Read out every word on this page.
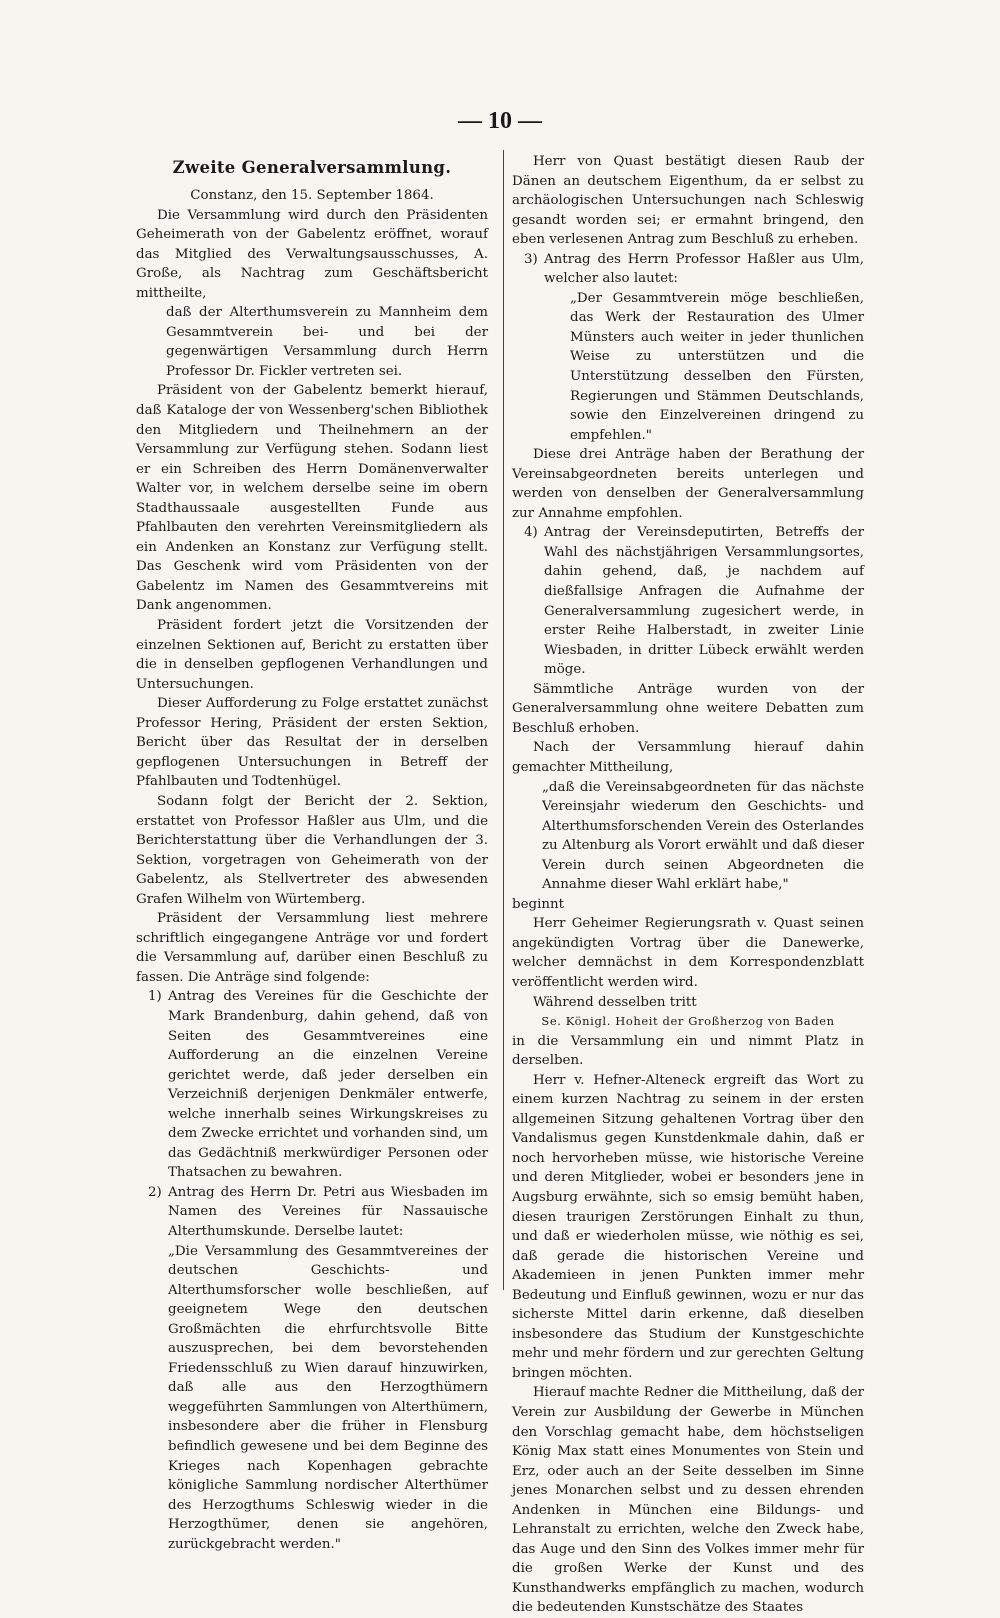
— 10 —
Zweite Generalversammlung.

Constanz, den 15. September 1864.

Die Versammlung wird durch den Präsidenten Geheimerath von der Gabelentz eröffnet, worauf das Mitglied des Verwaltungsausschusses, A. Große, als Nachtrag zum Geschäftsbericht mittheilte,

daß der Alterthumsverein zu Mannheim dem Gesammtverein bei- und bei der gegenwärtigen Versammlung durch Herrn Professor Dr. Fickler vertreten sei.

Präsident von der Gabelentz bemerkt hierauf, daß Kataloge der von Wessenberg'schen Bibliothek den Mitgliedern und Theilnehmern an der Versammlung zur Verfügung stehen. Sodann liest er ein Schreiben des Herrn Domänenverwalter Walter vor, in welchem derselbe seine im obern Stadthaussaale ausgestellten Funde aus Pfahlbauten den verehrten Vereinsmitgliedern als ein Andenken an Konstanz zur Verfügung stellt. Das Geschenk wird vom Präsidenten von der Gabelentz im Namen des Gesammtvereins mit Dank angenommen.

Präsident fordert jetzt die Vorsitzenden der einzelnen Sektionen auf, Bericht zu erstatten über die in denselben gepflogenen Verhandlungen und Untersuchungen.

Dieser Aufforderung zu Folge erstattet zunächst Professor Hering, Präsident der ersten Sektion, Bericht über das Resultat der in derselben gepflogenen Untersuchungen in Betreff der Pfahlbauten und Todtenhügel.

Sodann folgt der Bericht der 2. Sektion, erstattet von Professor Haßler aus Ulm, und die Berichterstattung über die Verhandlungen der 3. Sektion, vorgetragen von Geheimerath von der Gabelentz, als Stellvertreter des abwesenden Grafen Wilhelm von Würtemberg.

Präsident der Versammlung liest mehrere schriftlich eingegangene Anträge vor und fordert die Versammlung auf, darüber einen Beschluß zu fassen. Die Anträge sind folgende:

1) Antrag des Vereines für die Geschichte der Mark Brandenburg, dahin gehend, daß von Seiten des Gesammtvereines eine Aufforderung an die einzelnen Vereine gerichtet werde, daß jeder derselben ein Verzeichniß derjenigen Denkmäler entwerfe, welche innerhalb seines Wirkungskreises zu dem Zwecke errichtet und vorhanden sind, um das Gedächtniß merkwürdiger Personen oder Thatsachen zu bewahren.

2) Antrag des Herrn Dr. Petri aus Wiesbaden im Namen des Vereines für Nassauische Alterthumskunde. Derselbe lautet:

„Die Versammlung des Gesammtvereines der deutschen Geschichts- und Alterthumsforscher wolle beschließen, auf geeignetem Wege den deutschen Großmächten die ehrfurchtsvolle Bitte auszusprechen, bei dem bevorstehenden Friedensschluß zu Wien darauf hinzuwirken, daß alle aus den Herzogthümern weggeführten Sammlungen von Alterthümern, insbesondere aber die früher in Flensburg befindlich gewesene und bei dem Beginne des Krieges nach Kopenhagen gebrachte königliche Sammlung nordischer Alterthümer des Herzogthums Schleswig wieder in die Herzogthümer, denen sie angehören, zurückgebracht werden."

Herr von Quast bestätigt diesen Raub der Dänen an deutschem Eigenthum, da er selbst zu archäologischen Untersuchungen nach Schleswig gesandt worden sei; er ermahnt bringend, den eben verlesenen Antrag zum Beschluß zu erheben.

3) Antrag des Herrn Professor Haßler aus Ulm, welcher also lautet:

„Der Gesammtverein möge beschließen, das Werk der Restauration des Ulmer Münsters auch weiter in jeder thunlichen Weise zu unterstützen und die Unterstützung desselben den Fürsten, Regierungen und Stämmen Deutschlands, sowie den Einzelvereinen dringend zu empfehlen."

Diese drei Anträge haben der Berathung der Vereinsabgeordneten bereits unterlegen und werden von denselben der Generalversammlung zur Annahme empfohlen.

4) Antrag der Vereinsdeputirten, Betreffs der Wahl des nächstjährigen Versammlungsortes, dahin gehend, daß, je nachdem auf dießfallsige Anfragen die Aufnahme der Generalversammlung zugesichert werde, in erster Reihe Halberstadt, in zweiter Linie Wiesbaden, in dritter Lübeck erwählt werden möge.

Sämmtliche Anträge wurden von der Generalversammlung ohne weitere Debatten zum Beschluß erhoben.

Nach der Versammlung hierauf dahin gemachter Mittheilung,

„daß die Vereinsabgeordneten für das nächste Vereinsjahr wiederum den Geschichts- und Alterthumsforschenden Verein des Osterlandes zu Altenburg als Vorort erwählt und daß dieser Verein durch seinen Abgeordneten die Annahme dieser Wahl erklärt habe,"

beginnt

Herr Geheimer Regierungsrath v. Quast seinen angekündigten Vortrag über die Danewerke, welcher demnächst in dem Korrespondenzblatt veröffentlicht werden wird.

Während desselben tritt

Se. Königl. Hoheit der Großherzog von Baden

in die Versammlung ein und nimmt Platz in derselben.

Herr v. Hefner-Alteneck ergreift das Wort zu einem kurzen Nachtrag zu seinem in der ersten allgemeinen Sitzung gehaltenen Vortrag über den Vandalismus gegen Kunstdenkmale dahin, daß er noch hervorheben müsse, wie historische Vereine und deren Mitglieder, wobei er besonders jene in Augsburg erwähnte, sich so emsig bemüht haben, diesen traurigen Zerstörungen Einhalt zu thun, und daß er wiederholen müsse, wie nöthig es sei, daß gerade die historischen Vereine und Akademieen in jenen Punkten immer mehr Bedeutung und Einfluß gewinnen, wozu er nur das sicherste Mittel darin erkenne, daß dieselben insbesondere das Studium der Kunstgeschichte mehr und mehr fördern und zur gerechten Geltung bringen möchten.

Hierauf machte Redner die Mittheilung, daß der Verein zur Ausbildung der Gewerbe in München den Vorschlag gemacht habe, dem höchstseligen König Max statt eines Monumentes von Stein und Erz, oder auch an der Seite desselben im Sinne jenes Monarchen selbst und zu dessen ehrenden Andenken in München eine Bildungs- und Lehranstalt zu errichten, welche den Zweck habe, das Auge und den Sinn des Volkes immer mehr für die großen Werke der Kunst und des Kunsthandwerks empfänglich zu machen, wodurch die bedeutenden Kunstschätze des Staates
